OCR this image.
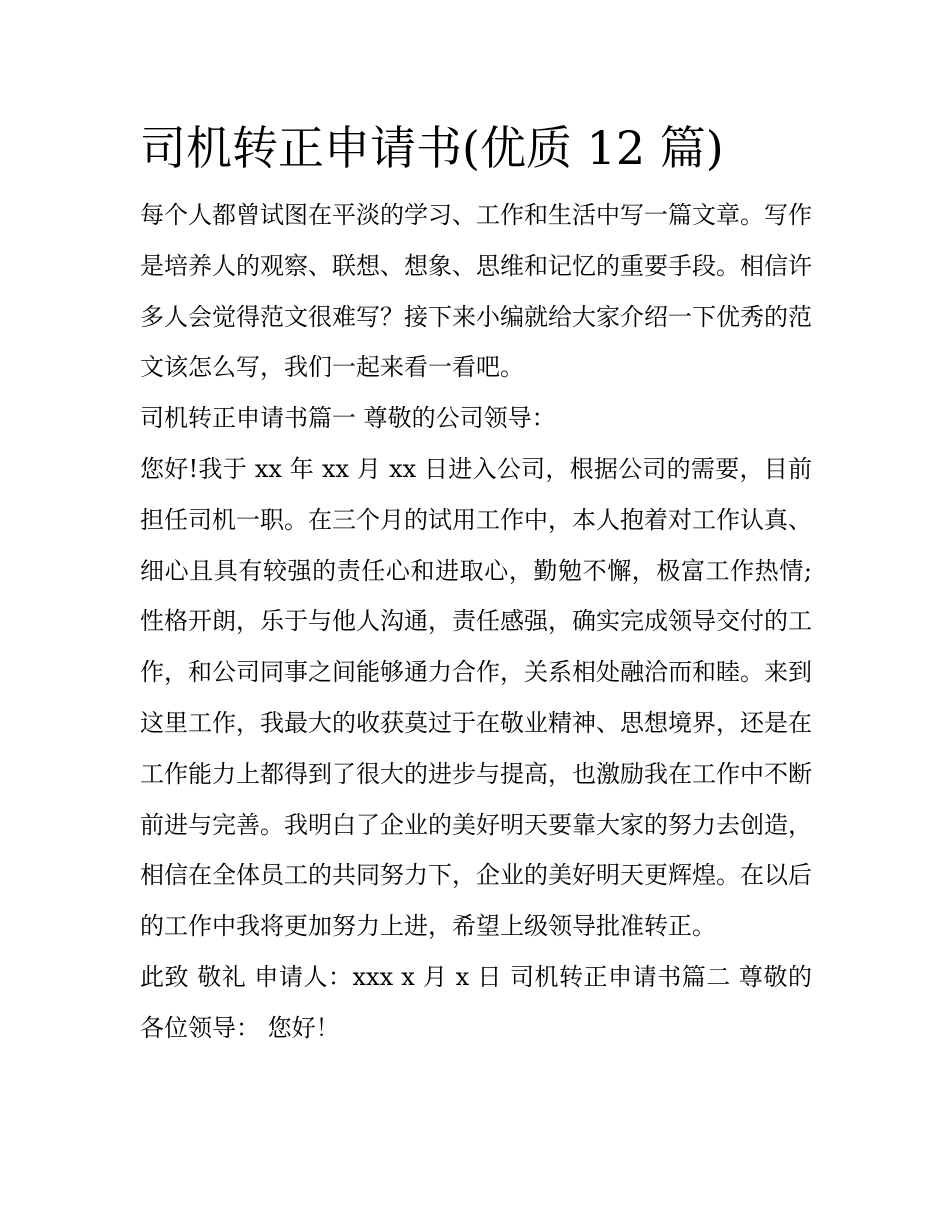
司机转正申请书(优质 12 篇)

每个人都曾试图在平淡的学习、工作和生活中写一篇文章。写作是培养人的观察、联想、想象、思维和记忆的重要手段。相信许多人会觉得范文很难写？接下来小编就给大家介绍一下优秀的范文该怎么写，我们一起来看一看吧。

司机转正申请书篇一 尊敬的公司领导：

您好!我于 xx 年 xx 月 xx 日进入公司，根据公司的需要，目前担任司机一职。在三个月的试用工作中，本人抱着对工作认真、细心且具有较强的责任心和进取心，勤勉不懈，极富工作热情;性格开朗，乐于与他人沟通，责任感强，确实完成领导交付的工作，和公司同事之间能够通力合作，关系相处融洽而和睦。来到这里工作，我最大的收获莫过于在敬业精神、思想境界，还是在工作能力上都得到了很大的进步与提高，也激励我在工作中不断前进与完善。我明白了企业的美好明天要靠大家的努力去创造，相信在全体员工的共同努力下，企业的美好明天更辉煌。在以后的工作中我将更加努力上进，希望上级领导批准转正。

此致 敬礼 申请人：xxx x 月 x 日 司机转正申请书篇二 尊敬的各位领导： 您好！
